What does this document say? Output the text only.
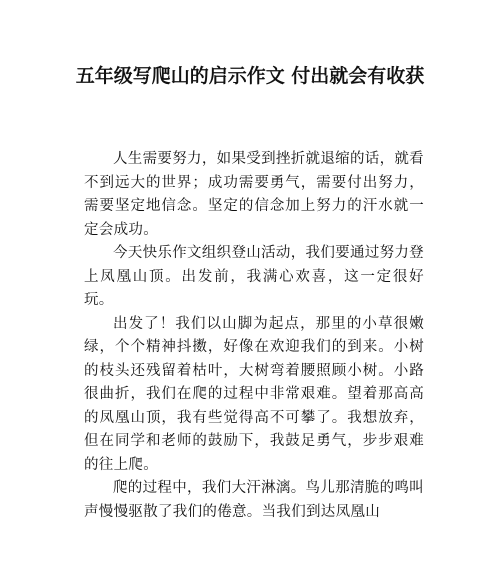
五年级写爬山的启示作文 付出就会有收获

人生需要努力，如果受到挫折就退缩的话，就看不到远大的世界；成功需要勇气，需要付出努力，需要坚定地信念。坚定的信念加上努力的汗水就一定会成功。

今天快乐作文组织登山活动，我们要通过努力登上凤凰山顶。出发前，我满心欢喜，这一定很好玩。

出发了！我们以山脚为起点，那里的小草很嫩绿，个个精神抖擞，好像在欢迎我们的到来。小树的枝头还残留着枯叶，大树弯着腰照顾小树。小路很曲折，我们在爬的过程中非常艰难。望着那高高的凤凰山顶，我有些觉得高不可攀了。我想放弃，但在同学和老师的鼓励下，我鼓足勇气，步步艰难的往上爬。

爬的过程中，我们大汗淋漓。鸟儿那清脆的鸣叫声慢慢驱散了我们的倦意。当我们到达凤凰山
